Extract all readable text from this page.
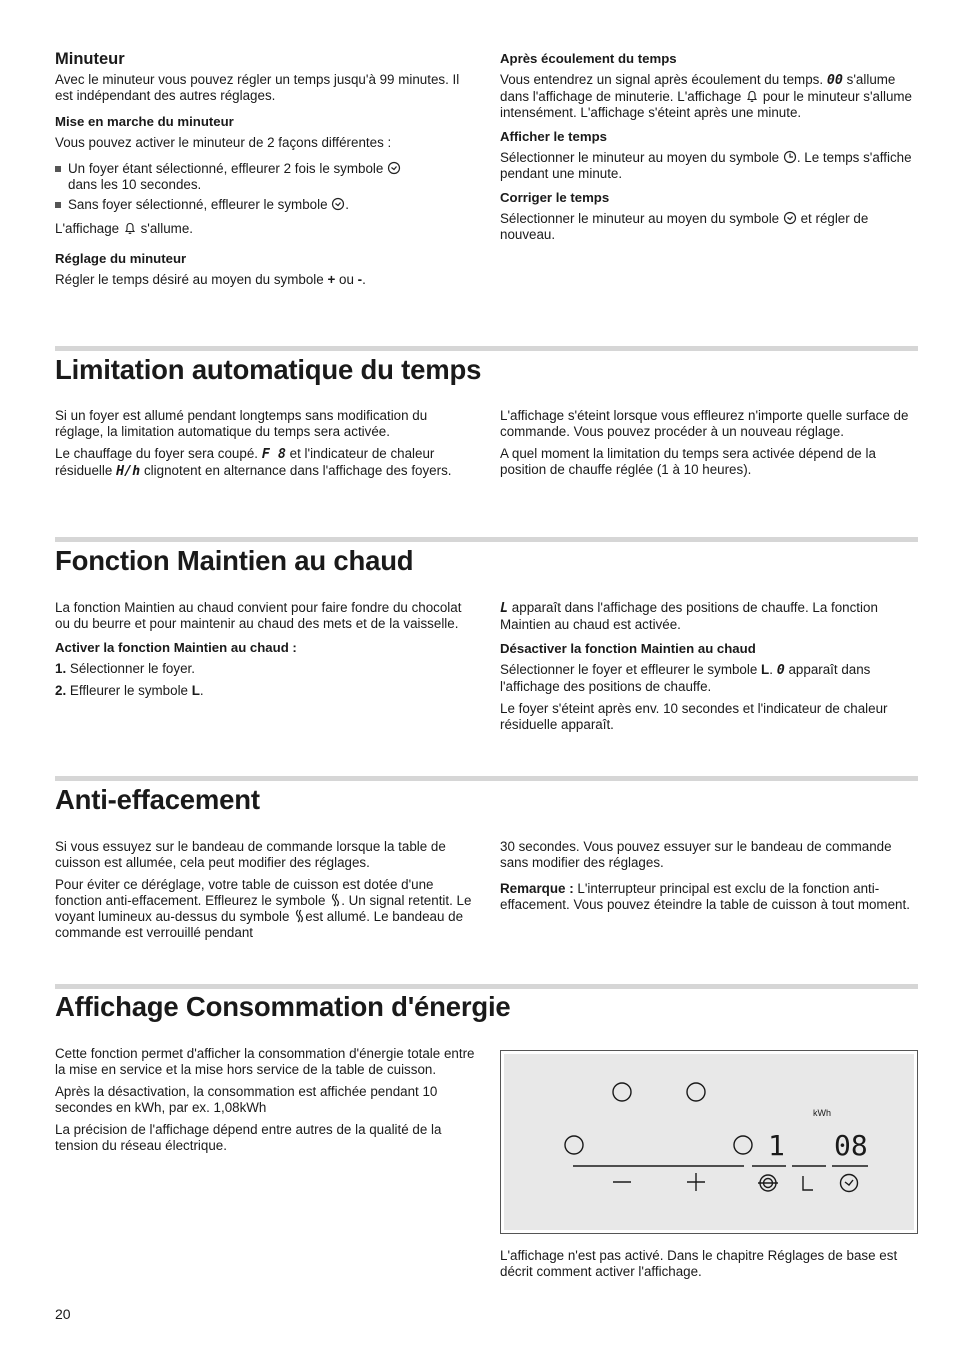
Minuteur

Avec le minuteur vous pouvez régler un temps jusqu'à 99 minutes. Il est indépendant des autres réglages.

Mise en marche du minuteur

Vous pouvez activer le minuteur de 2 façons différentes :

Un foyer étant sélectionné, effleurer 2 fois le symbole

dans les 10 secondes.
Sans foyer sélectionné, effleurer le symbole .

L'affichage s'allume.

Réglage du minuteur

Régler le temps désiré au moyen du symbole + ou -.

Après écoulement du temps

Vous entendrez un signal après écoulement du temps. 00 s'allume dans l'affichage de minuterie. L'affichage pour le minuteur s'allume intensément. L'affichage s'éteint après une minute.

Afficher le temps

Sélectionner le minuteur au moyen du symbole . Le temps s'affiche pendant une minute.

Corriger le temps

Sélectionner le minuteur au moyen du symbole et régler de nouveau.

Limitation automatique du temps

Si un foyer est allumé pendant longtemps sans modification du réglage, la limitation automatique du temps sera activée.

Le chauffage du foyer sera coupé. F 8 et l'indicateur de chaleur résiduelle H/h clignotent en alternance dans l'affichage des foyers.

L'affichage s'éteint lorsque vous effleurez n'importe quelle surface de commande. Vous pouvez procéder à un nouveau réglage.

A quel moment la limitation du temps sera activée dépend de la position de chauffe réglée (1 à 10 heures).

Fonction Maintien au chaud

La fonction Maintien au chaud convient pour faire fondre du chocolat ou du beurre et pour maintenir au chaud des mets et de la vaisselle.

Activer la fonction Maintien au chaud :
1. Sélectionner le foyer.
2. Effleurer le symbole L.

L apparaît dans l'affichage des positions de chauffe. La fonction Maintien au chaud est activée.

Désactiver la fonction Maintien au chaud

Sélectionner le foyer et effleurer le symbole L. 0 apparaît dans l'affichage des positions de chauffe.

Le foyer s'éteint après env. 10 secondes et l'indicateur de chaleur résiduelle apparaît.

Anti-effacement

Si vous essuyez sur le bandeau de commande lorsque la table de cuisson est allumée, cela peut modifier des réglages.

Pour éviter ce déréglage, votre table de cuisson est dotée d'une fonction anti-effacement. Effleurez le symbole . Un signal retentit. Le voyant lumineux au-dessus du symbole est allumé. Le bandeau de commande est verrouillé pendant

30 secondes. Vous pouvez essuyer sur le bandeau de commande sans modifier des réglages.

Remarque : L'interrupteur principal est exclu de la fonction anti-effacement. Vous pouvez éteindre la table de cuisson à tout moment.

Affichage Consommation d'énergie

Cette fonction permet d'afficher la consommation d'énergie totale entre la mise en service et la mise hors service de la table de cuisson.

Après la désactivation, la consommation est affichée pendant 10 secondes en kWh, par ex. 1,08kWh

La précision de l'affichage dépend entre autres de la qualité de la tension du réseau électrique.

kWh
1 08

L'affichage n'est pas activé. Dans le chapitre Réglages de base est décrit comment activer l'affichage.

20
